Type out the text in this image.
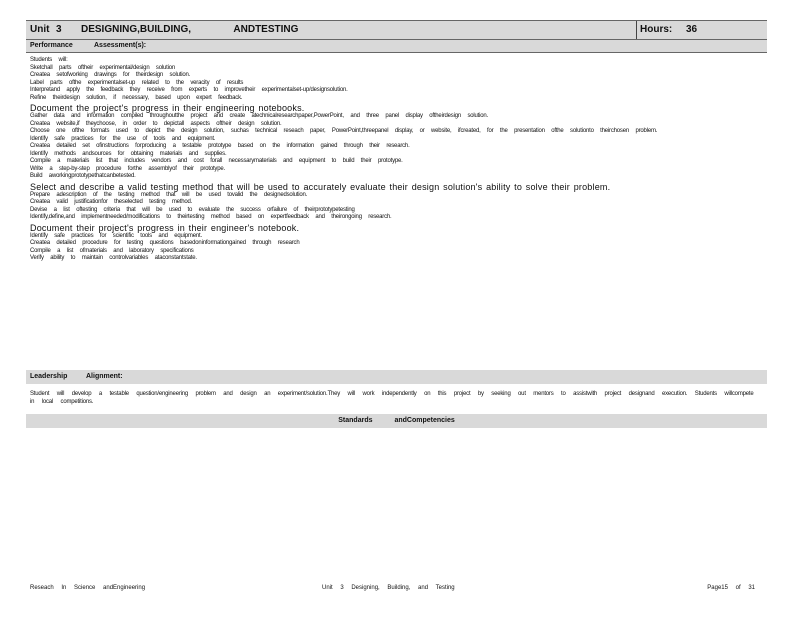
Unit 3 DESIGNING,BUILDING, ANDTESTING	Hours: 36
Performance	Assessment(s):

Students will:

Sketchall parts oftheir experimental/design solution

Createa setofworking drawings for theirdesign solution.

Label parts ofthe experimentalset-up related to the veracity of results

Interpretand apply the feedback they receive from experts to improvetheir experimentalset-up/designsolution.

Refine theirdesign solution, if necessary, based upon expert feedback.

Document the project's progress in their engineering notebooks.

Gather data and information compiled throughoutthe project and create atechnicalresearchpaper,PowerPoint, and three panel display oftheirdesign solution.

Createa website,if theychoose, in order to depictall aspects oftheir design solution.

Choose one ofthe formats used to depict the design solution, suchas technical reseach paper, PowerPoint,threepanel display, or website, ifcreated, for the presentation ofthe solutionto theirchosen problem.

Identify safe practices for the use of tools and equipment.

Createa detailed set ofinstructions forproducing a testable prototype based on the information gained through their research.

Identify methods andsources for obtaining materials and supplies.

Compile a materials list that includes vendors and cost forall necessarymaterials and equipment to build their prototype.

Write a step-by-step procedure forthe assemblyof their prototype.

Build aworkingprototypethatcanbetested.

Select and describe a valid testing method that will be used to accurately evaluate their design solution's ability to solve their problem.

Prepare adescription of the testing method that will be used tovalid the designedsolution.

Createa valid justificationfor theselected testing method.

Devise a list oftesting criteria that will be used to evaluate the success orfailure of theirprototypetesting

Identify,define,and implementneeded/modifications to theirtesting method based on expertfeedback and theirongoing research.

Document their project's progress in their engineer's notebook.

Identify safe practices for scientific tools and equipment.

Createa detailed procedure for testing questions basedoninformationgained through research

Compile a list ofmaterials and laboratory specifications

Verify ability to maintain controlvariables ataconstantstate.

Leadership	Alignment:
Student will develop a testable question/engineering problem and design an experiment/solution.They will work independently on this project by seeking out mentors to assistwith project designand execution. Students willcompete in local competitions.
Standards andCompetencies
Reseach In Science andEngineering	Unit 3 Designing, Building, and Testing	Page15 of 31
